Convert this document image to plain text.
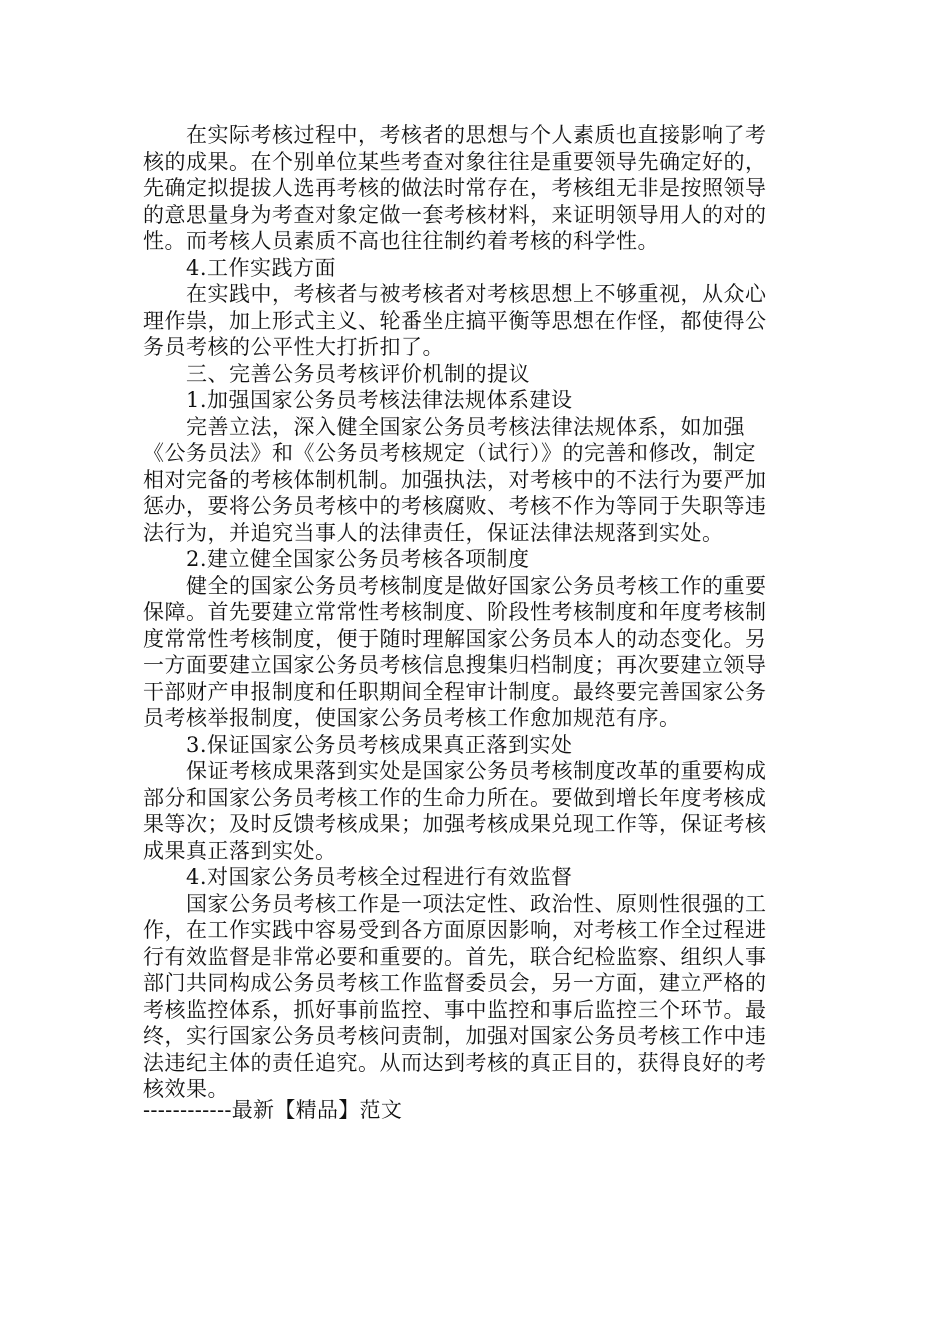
在实际考核过程中，考核者的思想与个人素质也直接影响了考
核的成果。在个别单位某些考查对象往往是重要领导先确定好的，
先确定拟提拔人选再考核的做法时常存在，考核组无非是按照领导
的意思量身为考查对象定做一套考核材料，来证明领导用人的对的
性。而考核人员素质不高也往往制约着考核的科学性。
4.工作实践方面
在实践中，考核者与被考核者对考核思想上不够重视，从众心
理作祟，加上形式主义、轮番坐庄搞平衡等思想在作怪，都使得公
务员考核的公平性大打折扣了。
三、完善公务员考核评价机制的提议
1.加强国家公务员考核法律法规体系建设
完善立法，深入健全国家公务员考核法律法规体系，如加强
《公务员法》和《公务员考核规定（试行）》的完善和修改，制定
相对完备的考核体制机制。加强执法，对考核中的不法行为要严加
惩办，要将公务员考核中的考核腐败、考核不作为等同于失职等违
法行为，并追究当事人的法律责任，保证法律法规落到实处。
2.建立健全国家公务员考核各项制度
健全的国家公务员考核制度是做好国家公务员考核工作的重要
保障。首先要建立常常性考核制度、阶段性考核制度和年度考核制
度常常性考核制度，便于随时理解国家公务员本人的动态变化。另
一方面要建立国家公务员考核信息搜集归档制度；再次要建立领导
干部财产申报制度和任职期间全程审计制度。最终要完善国家公务
员考核举报制度，使国家公务员考核工作愈加规范有序。
3.保证国家公务员考核成果真正落到实处
保证考核成果落到实处是国家公务员考核制度改革的重要构成
部分和国家公务员考核工作的生命力所在。要做到增长年度考核成
果等次；及时反馈考核成果；加强考核成果兑现工作等，保证考核
成果真正落到实处。
4.对国家公务员考核全过程进行有效监督
国家公务员考核工作是一项法定性、政治性、原则性很强的工
作，在工作实践中容易受到各方面原因影响，对考核工作全过程进
行有效监督是非常必要和重要的。首先，联合纪检监察、组织人事
部门共同构成公务员考核工作监督委员会，另一方面，建立严格的
考核监控体系，抓好事前监控、事中监控和事后监控三个环节。最
终，实行国家公务员考核问责制，加强对国家公务员考核工作中违
法违纪主体的责任追究。从而达到考核的真正目的，获得良好的考
核效果。
------------最新【精品】范文
